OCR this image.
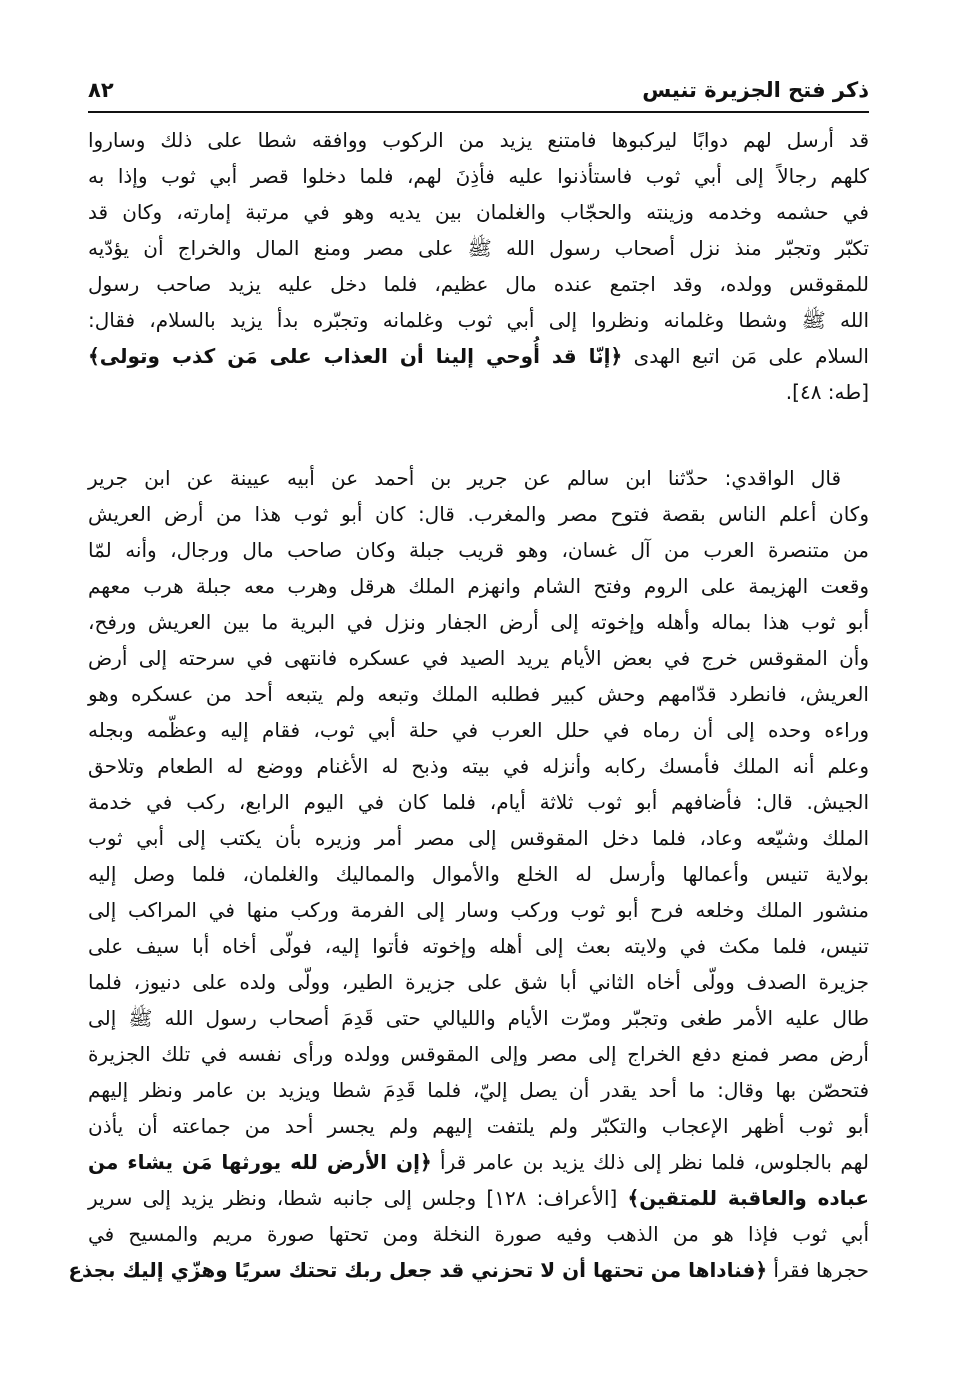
ذكر فتح الجزيرة تنيس
٨٢
قد أرسل لهم دوابًا ليركبوها فامتنع يزيد من الركوب ووافقه شطا على ذلك وساروا
كلهم رجالاً إلى أبي ثوب فاستأذنوا عليه فأذِنَ لهم، فلما دخلوا قصر أبي ثوب وإذا به
في حشمه وخدمه وزينته والحجّاب والغلمان بين يديه وهو في مرتبة إمارته، وكان قد
تكبّر وتجبّر منذ نزل أصحاب رسول الله ﷺ على مصر ومنع المال والخراج أن يؤدّيه
للمقوقس وولده، وقد اجتمع عنده مال عظيم، فلما دخل عليه يزيد صاحب رسول
الله ﷺ وشطا وغلمانه ونظروا إلى أبي ثوب وغلمانه وتجبّره بدأ يزيد بالسلام، فقال:
السلام على مَن اتبع الهدى ﴿إنّا قد أُوحي إلينا أن العذاب على مَن كذب وتولى﴾
[طه: ٤٨].
قال الواقدي: حدّثنا ابن سالم عن جرير بن أحمد عن أبيه عيينة عن ابن جرير
وكان أعلم الناس بقصة فتوح مصر والمغرب. قال: كان أبو ثوب هذا من أرض العريش
من متنصرة العرب من آل غسان، وهو قريب جبلة وكان صاحب مال ورجال، وأنه لمّا
وقعت الهزيمة على الروم وفتح الشام وانهزم الملك هرقل وهرب معه جبلة هرب معهم
أبو ثوب هذا بماله وأهله وإخوته إلى أرض الجفار ونزل في البرية ما بين العريش ورفح،
وأن المقوقس خرج في بعض الأيام يريد الصيد في عسكره فانتهى في سرحته إلى أرض
العريش، فانطرد قدّامهم وحش كبير فطلبه الملك وتبعه ولم يتبعه أحد من عسكره وهو
وراءه وحده إلى أن رماه في حلل العرب في حلة أبي ثوب، فقام إليه وعظّمه وبجله
وعلم أنه الملك فأمسك ركابه وأنزله في بيته وذبح له الأغنام ووضع له الطعام وتلاحق
الجيش. قال: فأضافهم أبو ثوب ثلاثة أيام، فلما كان في اليوم الرابع، ركب في خدمة
الملك وشيّعه وعاد، فلما دخل المقوقس إلى مصر أمر وزيره بأن يكتب إلى أبي ثوب
بولاية تنيس وأعمالها وأرسل له الخلع والأموال والمماليك والغلمان، فلما وصل إليه
منشور الملك وخلعه فرح أبو ثوب وركب وسار إلى الفرمة وركب منها في المراكب إلى
تنيس، فلما مكث في ولايته بعث إلى أهله وإخوته فأتوا إليه، فولّى أخاه أبا سيف على
جزيرة الصدف وولّى أخاه الثاني أبا شق على جزيرة الطير، وولّى ولده على دنيوز، فلما
طال عليه الأمر طغى وتجبّر ومرّت الأيام والليالي حتى قَدِمَ أصحاب رسول الله ﷺ إلى
أرض مصر فمنع دفع الخراج إلى مصر وإلى المقوقس وولده ورأى نفسه في تلك الجزيرة
فتحصّن بها وقال: ما أحد يقدر أن يصل إليّ، فلما قَدِمَ شطا ويزيد بن عامر ونظر إليهم
أبو ثوب أظهر الإعجاب والتكبّر ولم يلتفت إليهم ولم يجسر أحد من جماعته أن يأذن
لهم بالجلوس، فلما نظر إلى ذلك يزيد بن عامر قرأ ﴿إن الأرض لله يورثها مَن يشاء من
عباده والعاقبة للمتقين﴾ [الأعراف: ١٢٨] وجلس إلى جانبه شطا، ونظر يزيد إلى سرير
أبي ثوب فإذا هو من الذهب وفيه صورة النخلة ومن تحتها صورة مريم والمسيح في
حجرها فقرأ ﴿فناداها من تحتها أن لا تحزني قد جعل ربك تحتك سريًا وهزّي إليك بجذع
